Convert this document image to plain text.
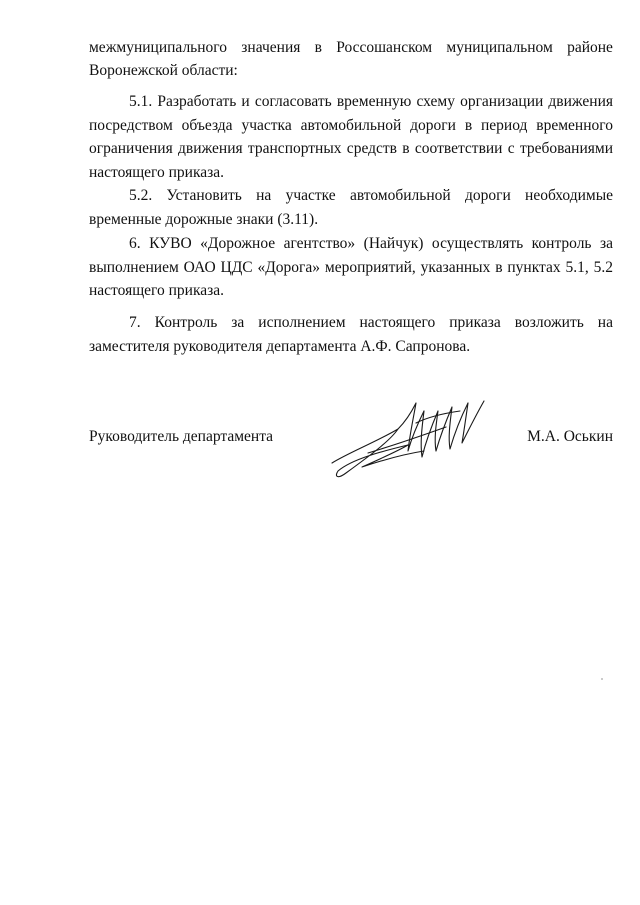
межмуниципального значения в Россошанском муниципальном районе
Воронежской области:
5.1. Разработать и согласовать временную схему организации движения посредством объезда участка автомобильной дороги в период временного ограничения движения транспортных средств в соответствии с требованиями настоящего приказа.
5.2. Установить на участке автомобильной дороги необходимые временные дорожные знаки (3.11).
6. КУВО «Дорожное агентство» (Найчук) осуществлять контроль за выполнением ОАО ЦДС «Дорога» мероприятий, указанных в пунктах 5.1, 5.2 настоящего приказа.
7. Контроль за исполнением настоящего приказа возложить на заместителя руководителя департамента А.Ф. Сапронова.
Руководитель департамента	М.А. Оськин
